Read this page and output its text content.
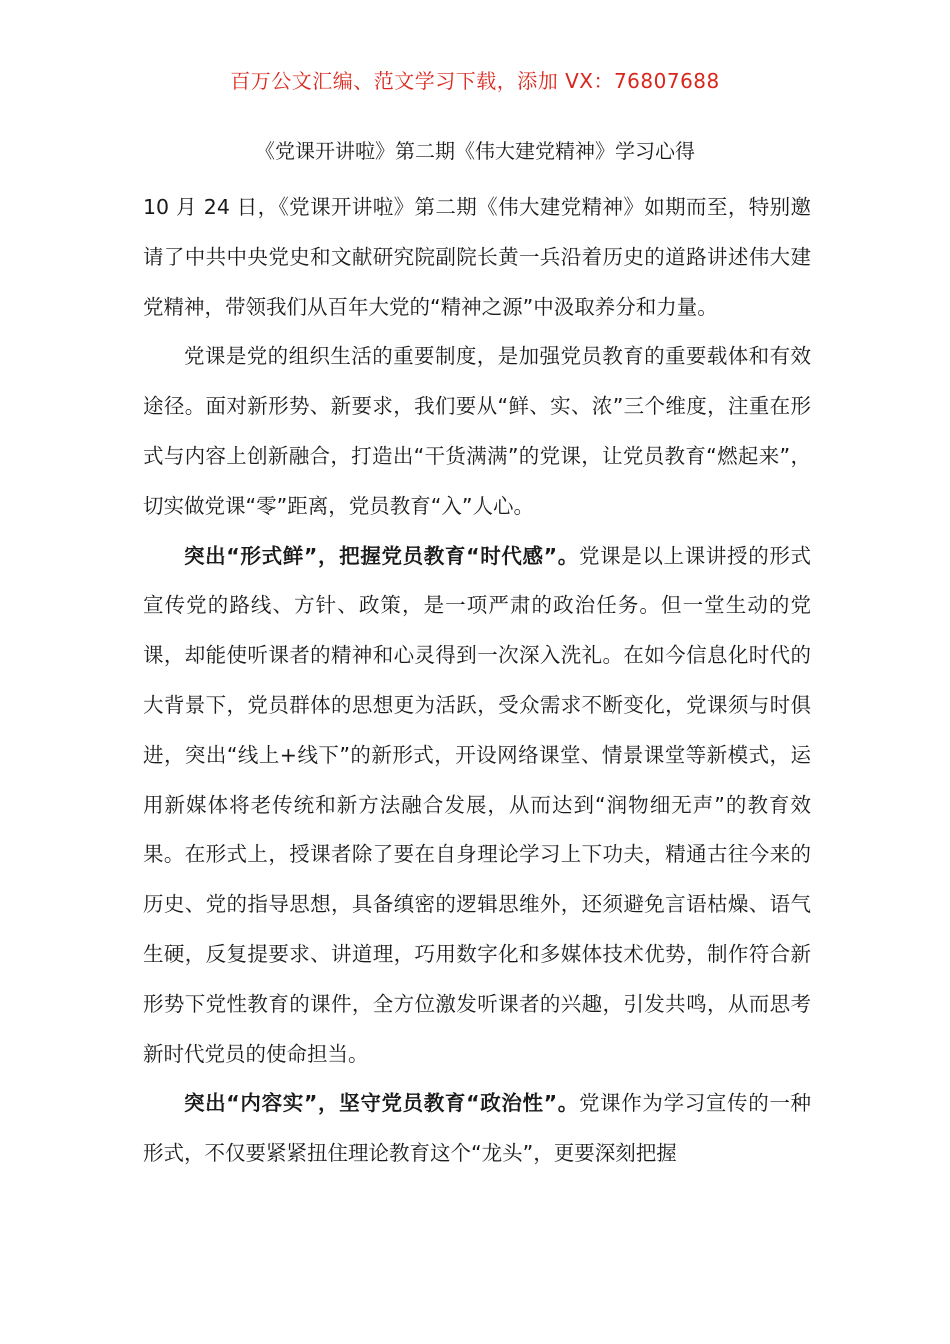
百万公文汇编、范文学习下载，添加 VX：76807688
《党课开讲啦》第二期《伟大建党精神》学习心得

10 月 24 日，《党课开讲啦》第二期《伟大建党精神》如期而至，特别邀请了中共中央党史和文献研究院副院长黄一兵沿着历史的道路讲述伟大建党精神，带领我们从百年大党的“精神之源”中汲取养分和力量。

党课是党的组织生活的重要制度，是加强党员教育的重要载体和有效途径。面对新形势、新要求，我们要从“鲜、实、浓”三个维度，注重在形式与内容上创新融合，打造出“干货满满”的党课，让党员教育“燃起来”，切实做党课“零”距离，党员教育“入”人心。

突出“形式鲜”，把握党员教育“时代感”。党课是以上课讲授的形式宣传党的路线、方针、政策，是一项严肃的政治任务。但一堂生动的党课，却能使听课者的精神和心灵得到一次深入洗礼。在如今信息化时代的大背景下，党员群体的思想更为活跃，受众需求不断变化，党课须与时俱进，突出“线上+线下”的新形式，开设网络课堂、情景课堂等新模式，运用新媒体将老传统和新方法融合发展，从而达到“润物细无声”的教育效果。在形式上，授课者除了要在自身理论学习上下功夫，精通古往今来的历史、党的指导思想，具备缜密的逻辑思维外，还须避免言语枯燥、语气生硬，反复提要求、讲道理，巧用数字化和多媒体技术优势，制作符合新形势下党性教育的课件，全方位激发听课者的兴趣，引发共鸣，从而思考新时代党员的使命担当。

突出“内容实”，坚守党员教育“政治性”。党课作为学习宣传的一种形式，不仅要紧紧扭住理论教育这个“龙头”，更要深刻把握
